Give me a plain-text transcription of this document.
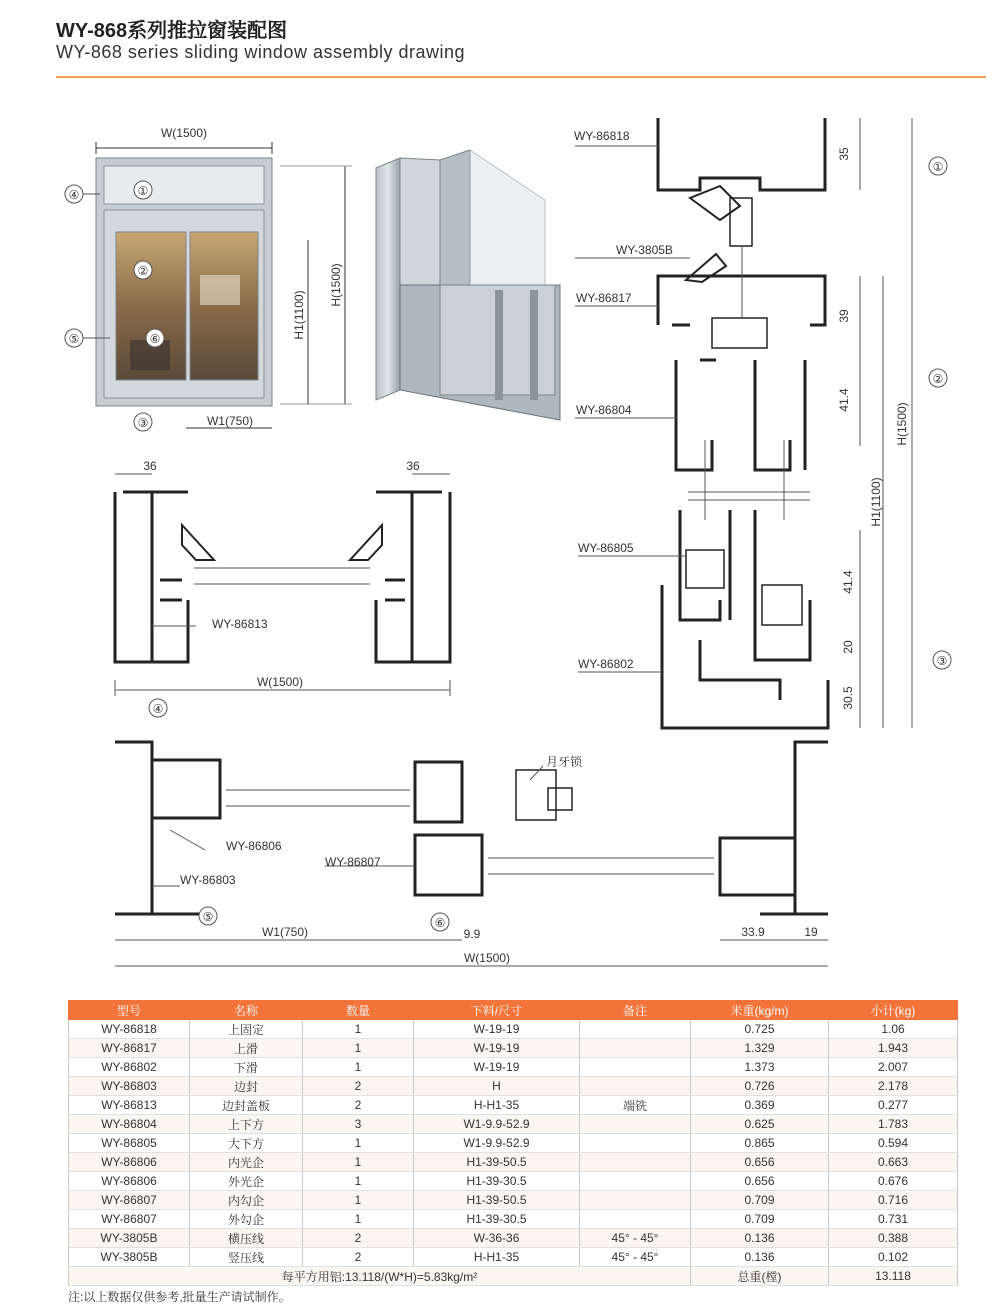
WY-868系列推拉窗装配图
WY-868 series sliding window assembly drawing
W(1500)
H(1500)
H1(1100)
W1(750)
①
②
③
④
⑤	⑥
WY-86818
WY-3805B
WY-86817
WY-86804
WY-86805
WY-86802
35
39
41.4
41.4
20
30.5
H1(1100)
H(1500)
①
②
③
36	36
WY-86813
W(1500)
④
月牙锁
WY-86806
WY-86803
WY-86807
W1(750)	9.9	33.9	19
W(1500)
⑤	⑥
型号	名称	数量	下料/尺寸	备注	米重(kg/m)	小计(kg)
WY-86818	上固定	1	W-19-19		0.725	1.06
WY-86817	上滑	1	W-19-19		1.329	1.943
WY-86802	下滑	1	W-19-19		1.373	2.007
WY-86803	边封	2	H		0.726	2.178
WY-86813	边封盖板	2	H-H1-35	端铣	0.369	0.277
WY-86804	上下方	3	W1-9.9-52.9		0.625	1.783
WY-86805	大下方	1	W1-9.9-52.9		0.865	0.594
WY-86806	内光企	1	H1-39-50.5		0.656	0.663
WY-86806	外光企	1	H1-39-30.5		0.656	0.676
WY-86807	内勾企	1	H1-39-50.5		0.709	0.716
WY-86807	外勾企	1	H1-39-30.5		0.709	0.731
WY-3805B	横压线	2	W-36-36	45° - 45°	0.136	0.388
WY-3805B	竖压线	2	H-H1-35	45° - 45°	0.136	0.102
每平方用铝:13.118/(W*H)=5.83kg/m²					总重(樘)	13.118
注:以上数据仅供参考,批量生产请试制作。
